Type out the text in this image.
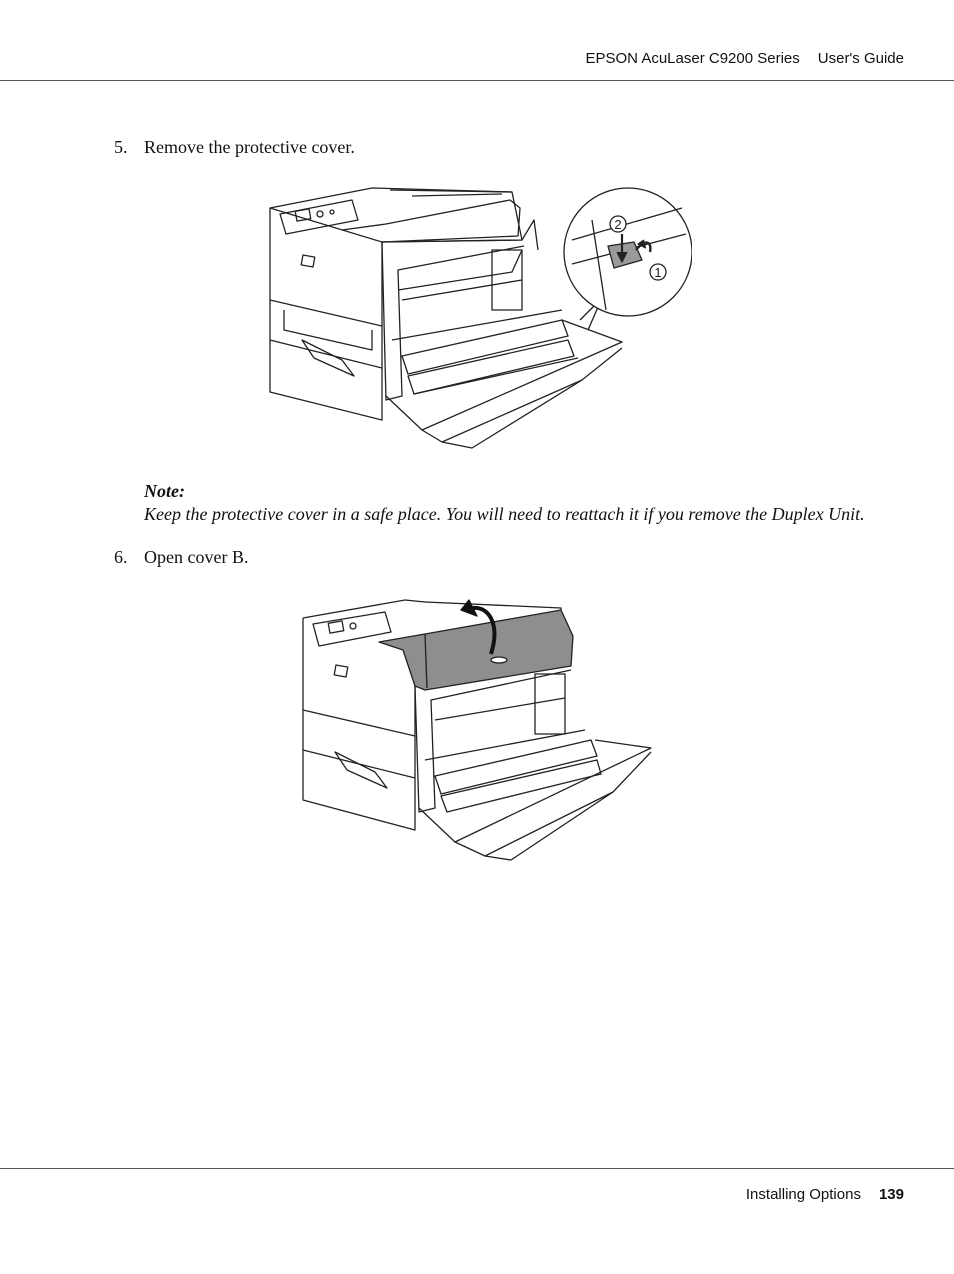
EPSON AcuLaser C9200 Series User's Guide
5. Remove the protective cover.
2
1
Note:
Keep the protective cover in a safe place. You will need to reattach it if you remove the Duplex Unit.
6. Open cover B.
Installing Options 139
